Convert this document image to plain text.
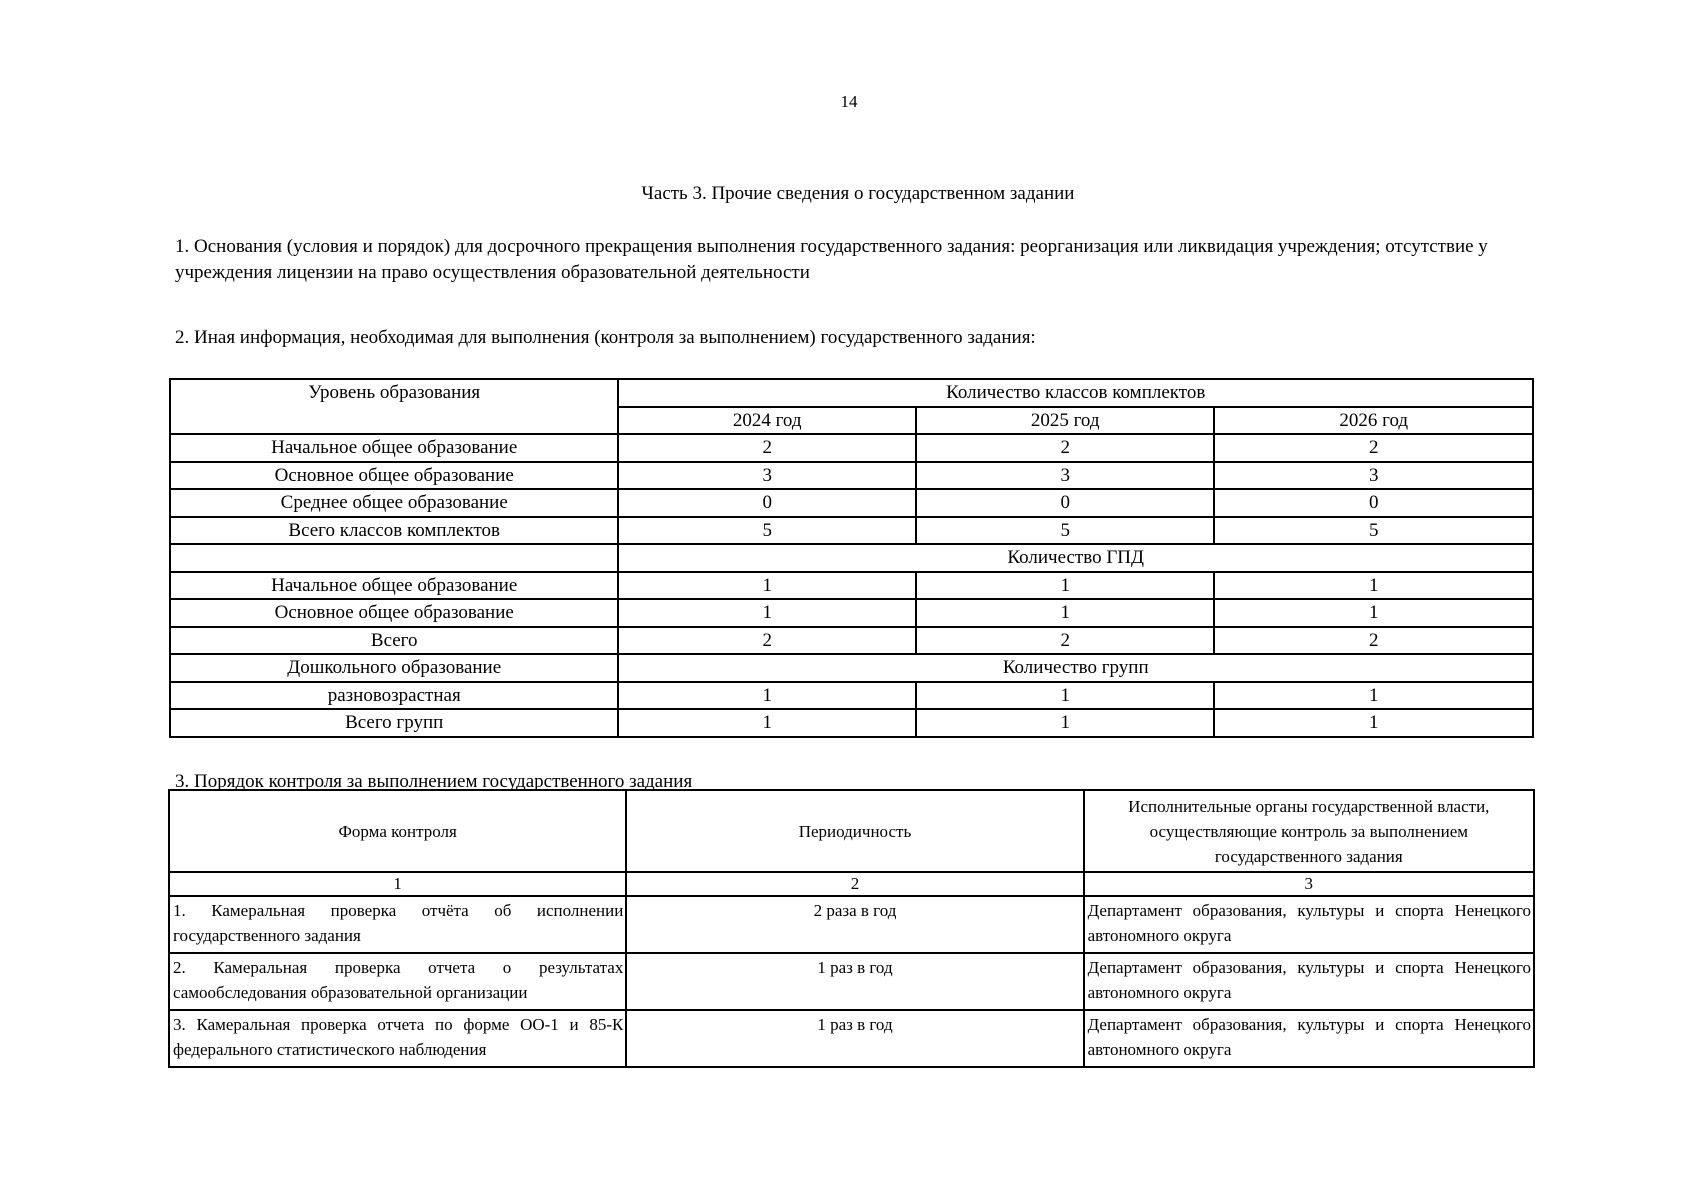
14
Часть 3. Прочие сведения о государственном задании
1. Основания (условия и порядок) для досрочного прекращения выполнения государственного задания: реорганизация или ликвидация учреждения; отсутствие у учреждения лицензии на право осуществления образовательной деятельности
2. Иная информация, необходимая для выполнения (контроля за выполнением) государственного задания:
Уровень образования	Количество классов комплектов		
	2024 год	2025 год	2026 год
Начальное общее образование	2	2	2
Основное общее образование	3	3	3
Среднее общее образование	0	0	0
Всего классов комплектов	5	5	5
	Количество ГПД		
Начальное общее образование	1	1	1
Основное общее образование	1	1	1
Всего	2	2	2
Дошкольного образование	Количество групп		
разновозрастная	1	1	1
Всего групп	1	1	1
3. Порядок контроля за выполнением государственного задания
Форма контроля	Периодичность	Исполнительные органы государственной власти, осуществляющие контроль за выполнением государственного задания
1	2	3
1. Камеральная проверка отчёта об исполнении государственного задания	2 раза в год	Департамент образования, культуры и спорта Ненецкого автономного округа
2. Камеральная проверка отчета о результатах самообследования образовательной организации	1 раз в год	Департамент образования, культуры и спорта Ненецкого автономного округа
3. Камеральная проверка отчета по форме ОО-1 и 85-К федерального статистического наблюдения	1 раз в год	Департамент образования, культуры и спорта Ненецкого автономного округа
